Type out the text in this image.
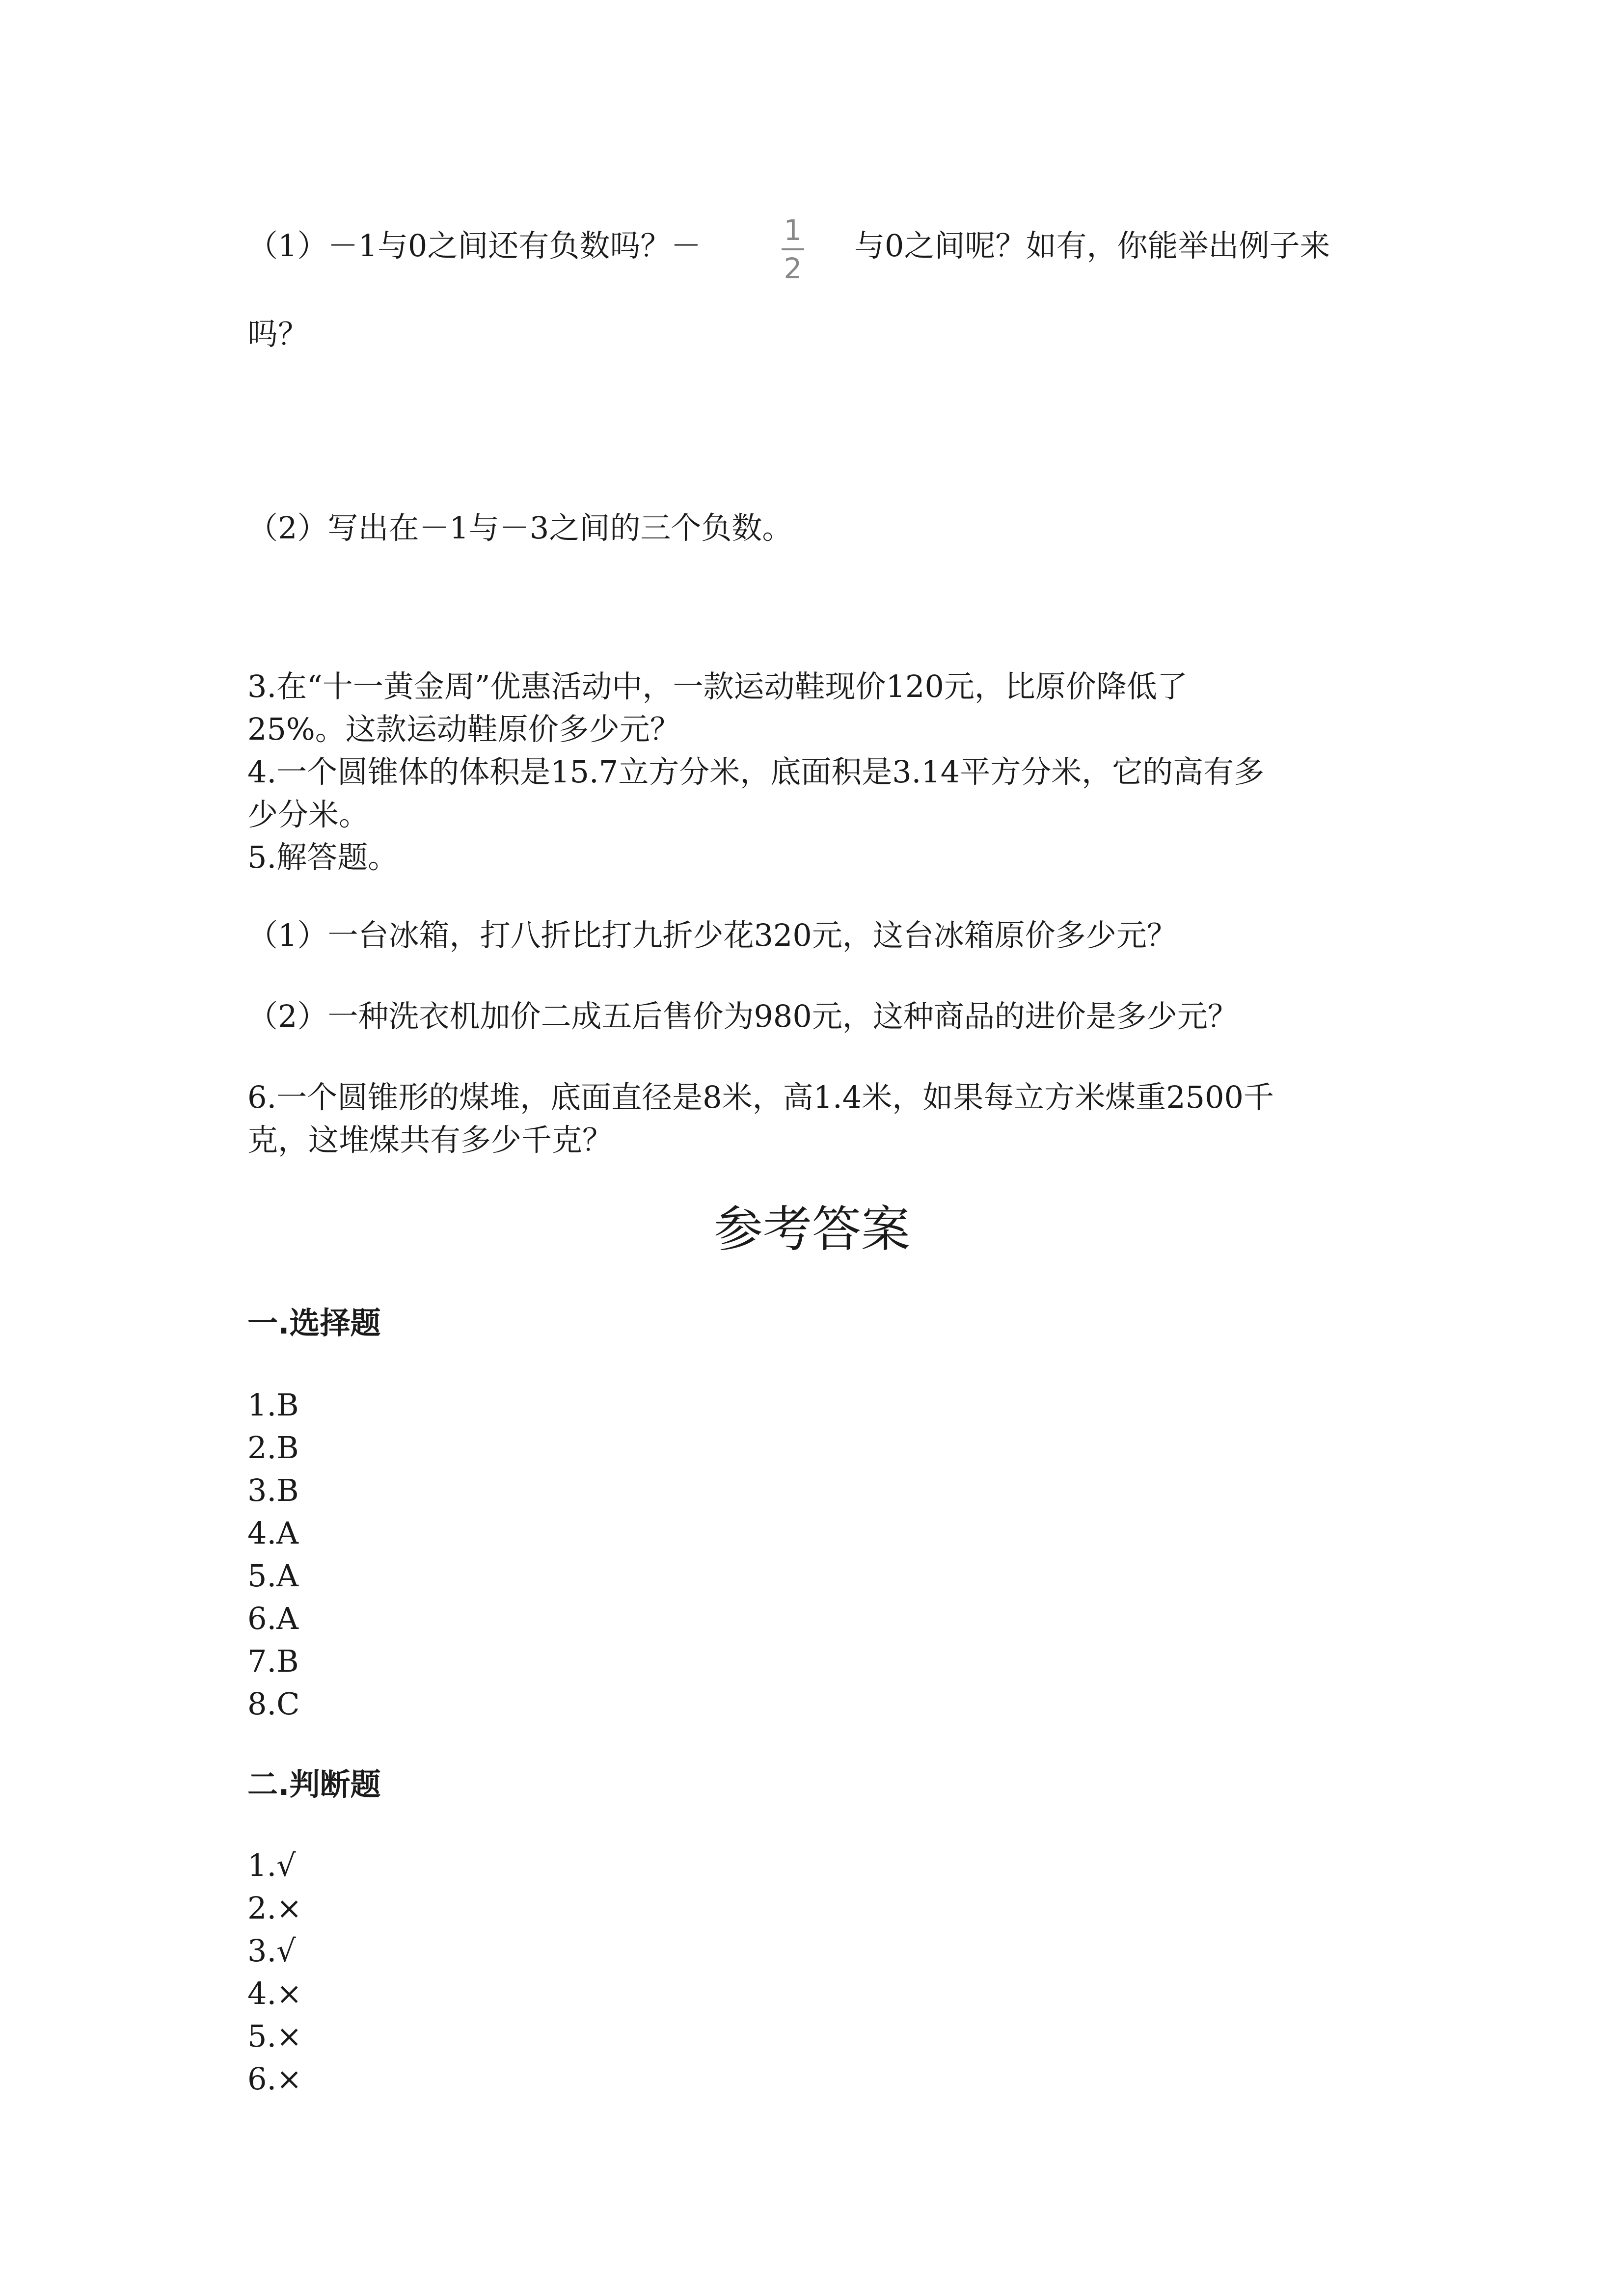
（1）－1与0之间还有负数吗？－	1
2
与0之间呢？如有，你能举出例子来
吗？
（2）写出在－1与－3之间的三个负数。
3.在“十一黄金周”优惠活动中，一款运动鞋现价120元，比原价降低了
25%。这款运动鞋原价多少元？
4.一个圆锥体的体积是15.7立方分米，底面积是3.14平方分米，它的高有多
少分米。
5.解答题。
（1）一台冰箱，打八折比打九折少花320元，这台冰箱原价多少元？
（2）一种洗衣机加价二成五后售价为980元，这种商品的进价是多少元？
6.一个圆锥形的煤堆，底面直径是8米，高1.4米，如果每立方米煤重2500千
克，这堆煤共有多少千克？
参考答案
一.选择题
1.B
2.B
3.B
4.A
5.A
6.A
7.B
8.C
二.判断题
1.√
2.×
3.√
4.×
5.×
6.×
